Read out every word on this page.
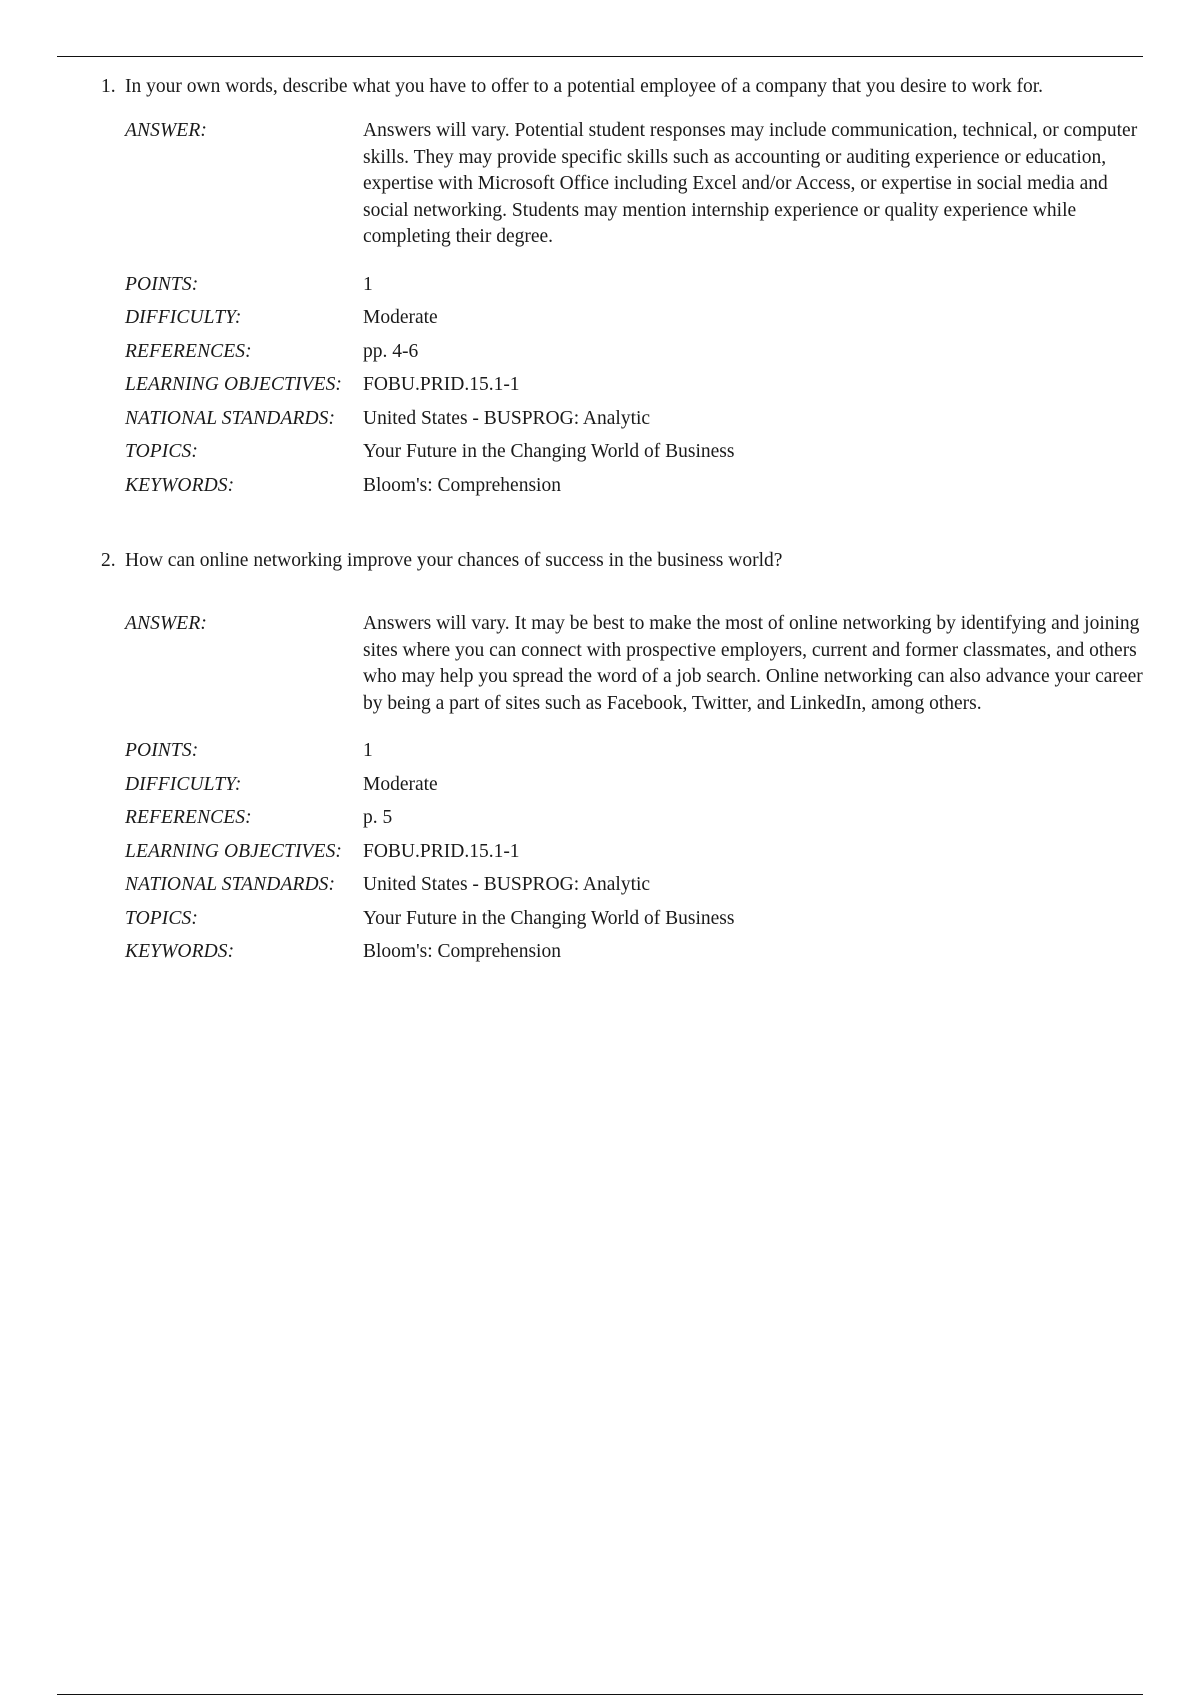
1. In your own words, describe what you have to offer to a potential employee of a company that you desire to work for.
ANSWER:	Answers will vary. Potential student responses may include communication, technical, or computer skills. They may provide specific skills such as accounting or auditing experience or education, expertise with Microsoft Office including Excel and/or Access, or expertise in social media and social networking. Students may mention internship experience or quality experience while completing their degree.
POINTS:	1
DIFFICULTY:	Moderate
REFERENCES:	pp. 4-6
LEARNING OBJECTIVES:	FOBU.PRID.15.1-1
NATIONAL STANDARDS:	United States - BUSPROG: Analytic
TOPICS:	Your Future in the Changing World of Business
KEYWORDS:	Bloom's: Comprehension
2. How can online networking improve your chances of success in the business world?
ANSWER:	Answers will vary. It may be best to make the most of online networking by identifying and joining sites where you can connect with prospective employers, current and former classmates, and others who may help you spread the word of a job search. Online networking can also advance your career by being a part of sites such as Facebook, Twitter, and LinkedIn, among others.
POINTS:	1
DIFFICULTY:	Moderate
REFERENCES:	p. 5
LEARNING OBJECTIVES:	FOBU.PRID.15.1-1
NATIONAL STANDARDS:	United States - BUSPROG: Analytic
TOPICS:	Your Future in the Changing World of Business
KEYWORDS:	Bloom's: Comprehension
